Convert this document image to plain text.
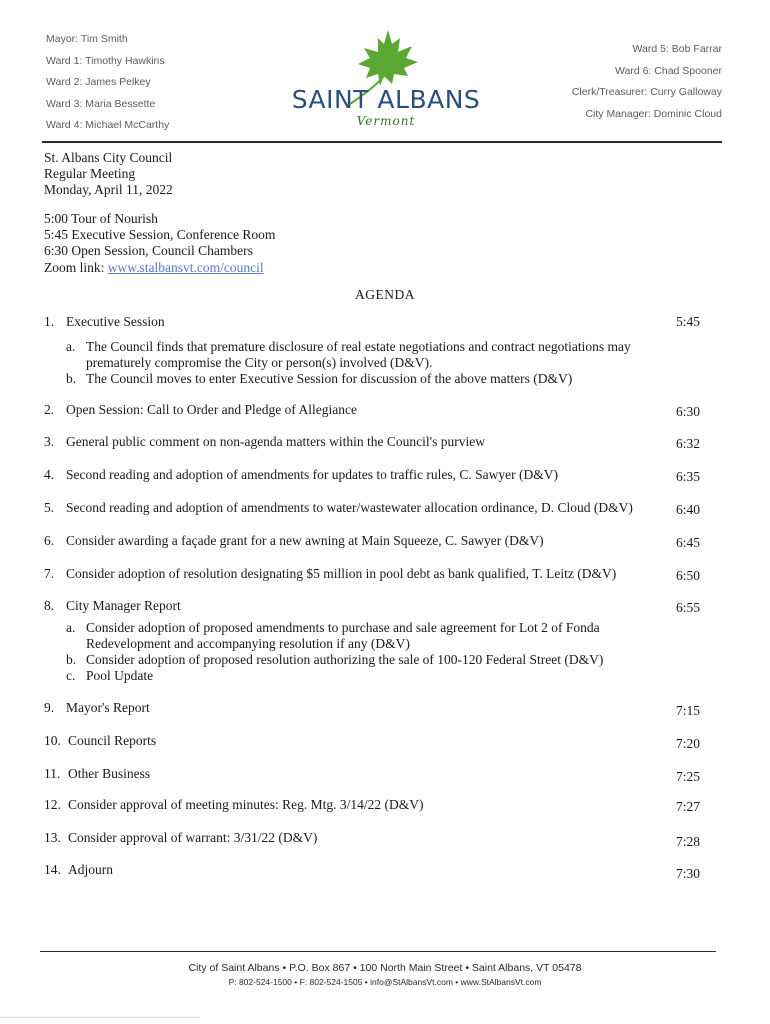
Mayor: Tim Smith
Ward 1: Timothy Hawkins
Ward 2: James Pelkey
Ward 3: Maria Bessette
Ward 4: Michael McCarthy
SAINT ALBANS
Vermont
Ward 5: Bob Farrar
Ward 6: Chad Spooner
Clerk/Treasurer: Curry Galloway
City Manager: Dominic Cloud
St. Albans City Council
Regular Meeting
Monday, April 11, 2022
5:00 Tour of Nourish
5:45 Executive Session, Conference Room
6:30 Open Session, Council Chambers
Zoom link: www.stalbansvt.com/council
AGENDA
1. Executive Session	5:45
a. The Council finds that premature disclosure of real estate negotiations and contract negotiations may prematurely compromise the City or person(s) involved (D&V).
b. The Council moves to enter Executive Session for discussion of the above matters (D&V)
2. Open Session: Call to Order and Pledge of Allegiance	6:30
3. General public comment on non-agenda matters within the Council's purview	6:32
4. Second reading and adoption of amendments for updates to traffic rules, C. Sawyer (D&V)	6:35
5. Second reading and adoption of amendments to water/wastewater allocation ordinance, D. Cloud (D&V)	6:40
6. Consider awarding a façade grant for a new awning at Main Squeeze, C. Sawyer (D&V)	6:45
7. Consider adoption of resolution designating $5 million in pool debt as bank qualified, T. Leitz (D&V)	6:50
8. City Manager Report	6:55
a. Consider adoption of proposed amendments to purchase and sale agreement for Lot 2 of Fonda Redevelopment and accompanying resolution if any (D&V)
b. Consider adoption of proposed resolution authorizing the sale of 100-120 Federal Street (D&V)
c. Pool Update
9. Mayor's Report	7:15
10. Council Reports	7:20
11. Other Business	7:25
12. Consider approval of meeting minutes: Reg. Mtg. 3/14/22 (D&V)	7:27
13. Consider approval of warrant: 3/31/22 (D&V)	7:28
14. Adjourn	7:30
City of Saint Albans • P.O. Box 867 • 100 North Main Street • Saint Albans, VT 05478
P: 802-524-1500 • F: 802-524-1505 • info@StAlbansVt.com • www.StAlbansVt.com
